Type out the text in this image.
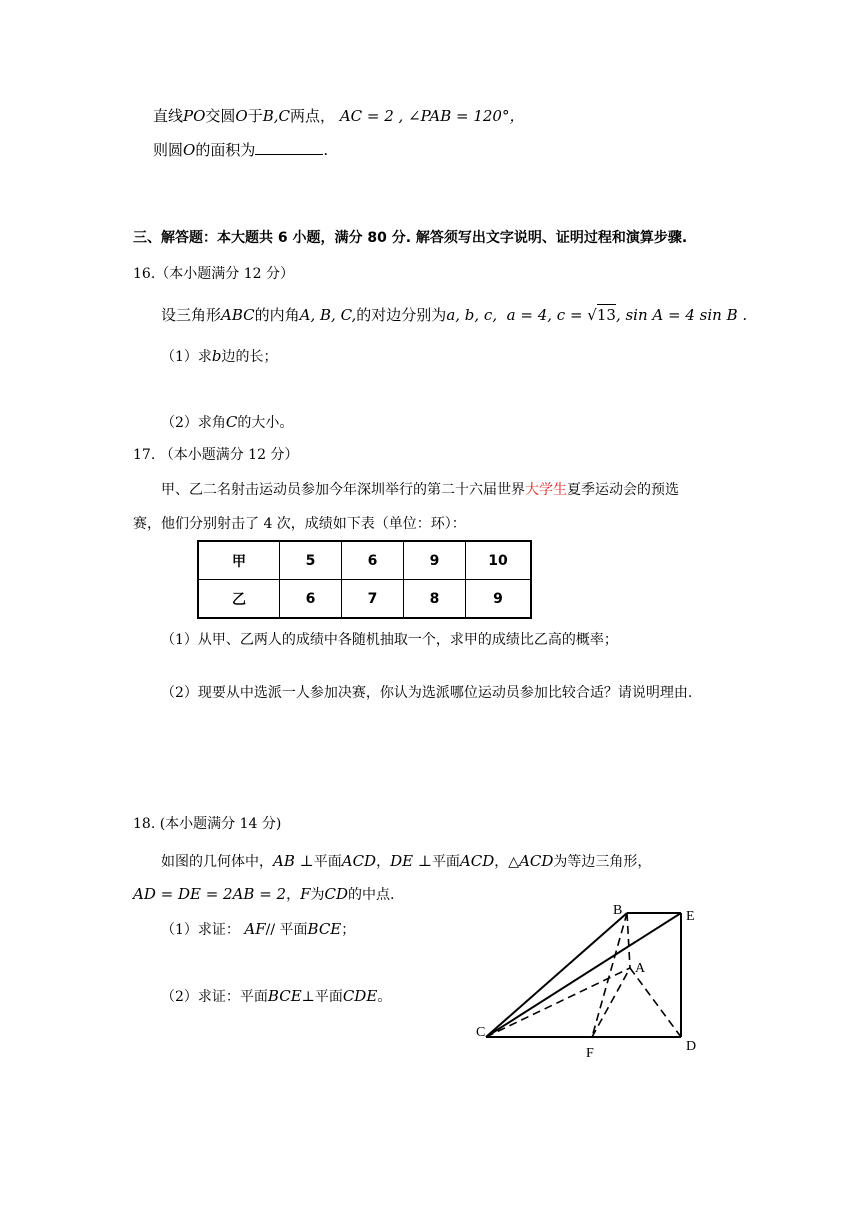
直线PO交圆O于B,C两点， AC = 2 , ∠PAB = 120°，
则圆O的面积为	.
三、解答题：本大题共 6 小题，满分 80 分. 解答须写出文字说明、证明过程和演算步骤.
16.（本小题满分 12 分）
设三角形ABC的内角A, B, C,的对边分别为a, b, c, a = 4, c = √13, sin A = 4 sin B .
（1）求b边的长；
（2）求角C的大小。
17. （本小题满分 12 分）
甲、乙二名射击运动员参加今年深圳举行的第二十六届世界大学生夏季运动会的预选
赛，他们分别射击了 4 次，成绩如下表（单位：环）：
甲	5	6	9	10
乙	6	7	8	9
（1）从甲、乙两人的成绩中各随机抽取一个，求甲的成绩比乙高的概率；
（2）现要从中选派一人参加决赛，你认为选派哪位运动员参加比较合适？请说明理由.
18. (本小题满分 14 分)
如图的几何体中，AB ⊥平面ACD，DE ⊥平面ACD，△ACD为等边三角形，
AD = DE = 2AB = 2，F为CD的中点.
（1）求证： AF// 平面BCE；
（2）求证：平面BCE⊥平面CDE。
B	E
A
C
F	D
